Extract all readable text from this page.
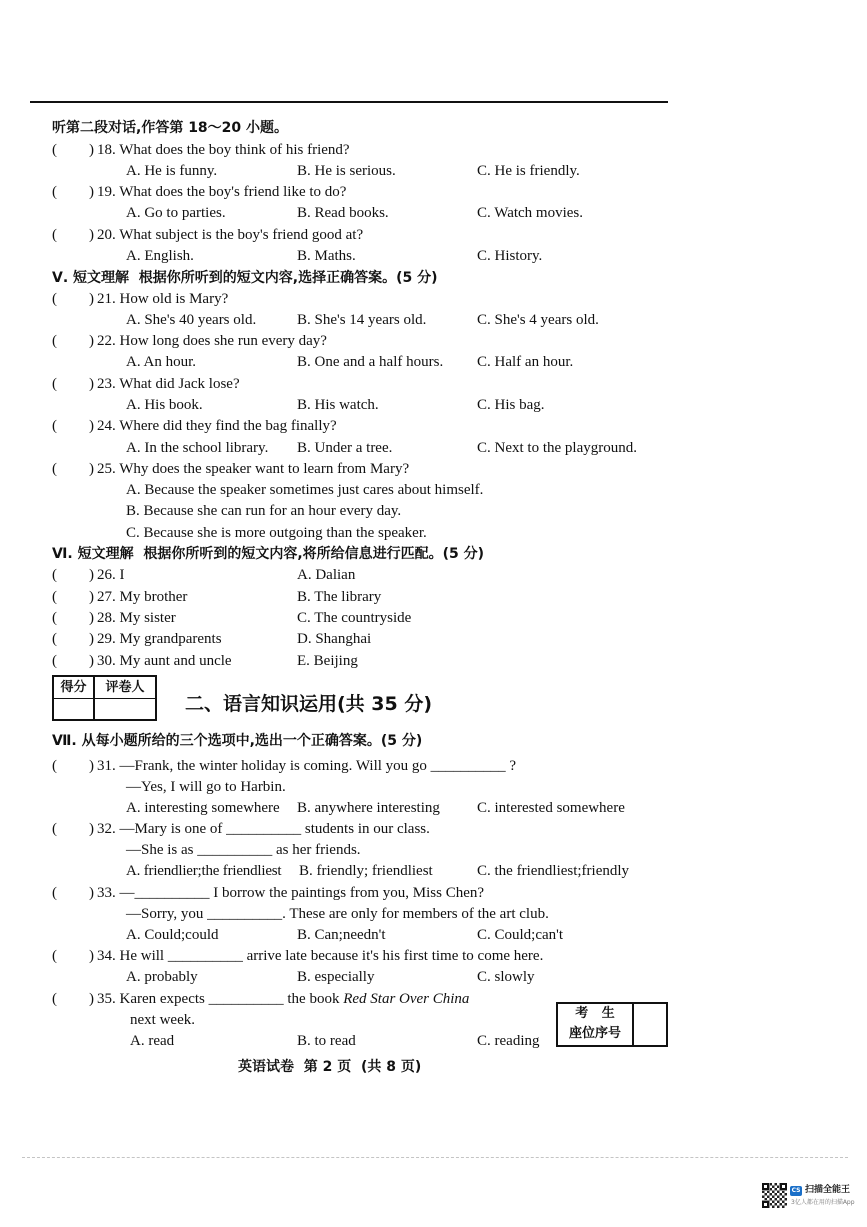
听第二段对话,作答第 18～20 小题。
( ) 18. What does the boy think of his friend?
A. He is funny.	B. He is serious.	C. He is friendly.
( ) 19. What does the boy's friend like to do?
A. Go to parties.	B. Read books.	C. Watch movies.
( ) 20. What subject is the boy's friend good at?
A. English.	B. Maths.	C. History.
Ⅴ. 短文理解  根据你所听到的短文内容,选择正确答案。(5 分)
( ) 21. How old is Mary?
A. She's 40 years old.	B. She's 14 years old.	C. She's 4 years old.
( ) 22. How long does she run every day?
A. An hour.	B. One and a half hours. C. Half an hour.
( ) 23. What did Jack lose?
A. His book.	B. His watch.	C. His bag.
( ) 24. Where did they find the bag finally?
A. In the school library. B. Under a tree.	C. Next to the playground.
( ) 25. Why does the speaker want to learn from Mary?
A. Because the speaker sometimes just cares about himself.
B. Because she can run for an hour every day.
C. Because she is more outgoing than the speaker.
Ⅵ. 短文理解  根据你所听到的短文内容,将所给信息进行匹配。(5 分)
( ) 26. I	A. Dalian
( ) 27. My brother	B. The library
( ) 28. My sister	C. The countryside
( ) 29. My grandparents	D. Shanghai
( ) 30. My aunt and uncle	E. Beijing
得分	评卷人
二、语言知识运用(共 35 分)
Ⅶ. 从每小题所给的三个选项中,选出一个正确答案。(5 分)
( ) 31. —Frank, the winter holiday is coming. Will you go __________ ?
—Yes, I will go to Harbin.
A. interesting somewhere B. anywhere interesting C. interested somewhere
( ) 32. —Mary is one of __________ students in our class.
—She is as __________ as her friends.
A. friendlier;the friendliest B. friendly; friendliest	C. the friendliest;friendly
( ) 33. —__________ I borrow the paintings from you, Miss Chen?
—Sorry, you __________. These are only for members of the art club.
A. Could;could	B. Can;needn't	C. Could;can't
( ) 34. He will __________ arrive late because it's his first time to come here.
A. probably	B. especially	C. slowly
( ) 35. Karen expects __________ the book Red Star Over China
next week.
A. read	B. to read	C. reading
考   生
座位序号
英语试卷  第 2 页  (共 8 页)
CS 扫描全能王
3亿人都在用的扫描App
